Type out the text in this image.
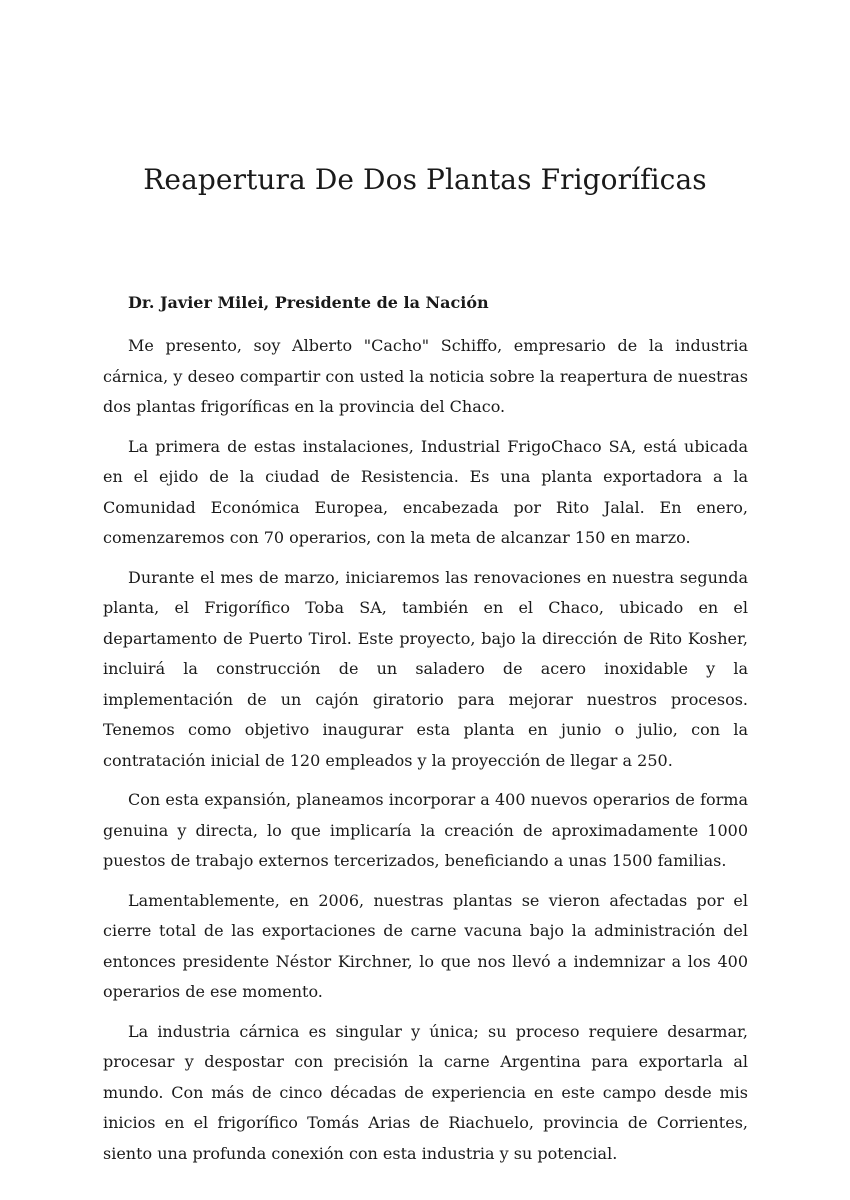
Reapertura De Dos Plantas Frigoríficas
Dr. Javier Milei, Presidente de la Nación

Me presento, soy Alberto "Cacho" Schiffo, empresario de la industria cárnica, y deseo compartir con usted la noticia sobre la reapertura de nuestras dos plantas frigoríficas en la provincia del Chaco.

La primera de estas instalaciones, Industrial FrigoChaco SA, está ubicada en el ejido de la ciudad de Resistencia. Es una planta exportadora a la Comunidad Económica Europea, encabezada por Rito Jalal. En enero, comenzaremos con 70 operarios, con la meta de alcanzar 150 en marzo.

Durante el mes de marzo, iniciaremos las renovaciones en nuestra segunda planta, el Frigorífico Toba SA, también en el Chaco, ubicado en el departamento de Puerto Tirol. Este proyecto, bajo la dirección de Rito Kosher, incluirá la construcción de un saladero de acero inoxidable y la implementación de un cajón giratorio para mejorar nuestros procesos. Tenemos como objetivo inaugurar esta planta en junio o julio, con la contratación inicial de 120 empleados y la proyección de llegar a 250.

Con esta expansión, planeamos incorporar a 400 nuevos operarios de forma genuina y directa, lo que implicaría la creación de aproximadamente 1000 puestos de trabajo externos tercerizados, beneficiando a unas 1500 familias.

Lamentablemente, en 2006, nuestras plantas se vieron afectadas por el cierre total de las exportaciones de carne vacuna bajo la administración del entonces presidente Néstor Kirchner, lo que nos llevó a indemnizar a los 400 operarios de ese momento.

La industria cárnica es singular y única; su proceso requiere desarmar, procesar y despostar con precisión la carne Argentina para exportarla al mundo. Con más de cinco décadas de experiencia en este campo desde mis inicios en el frigorífico Tomás Arias de Riachuelo, provincia de Corrientes, siento una profunda conexión con esta industria y su potencial.
